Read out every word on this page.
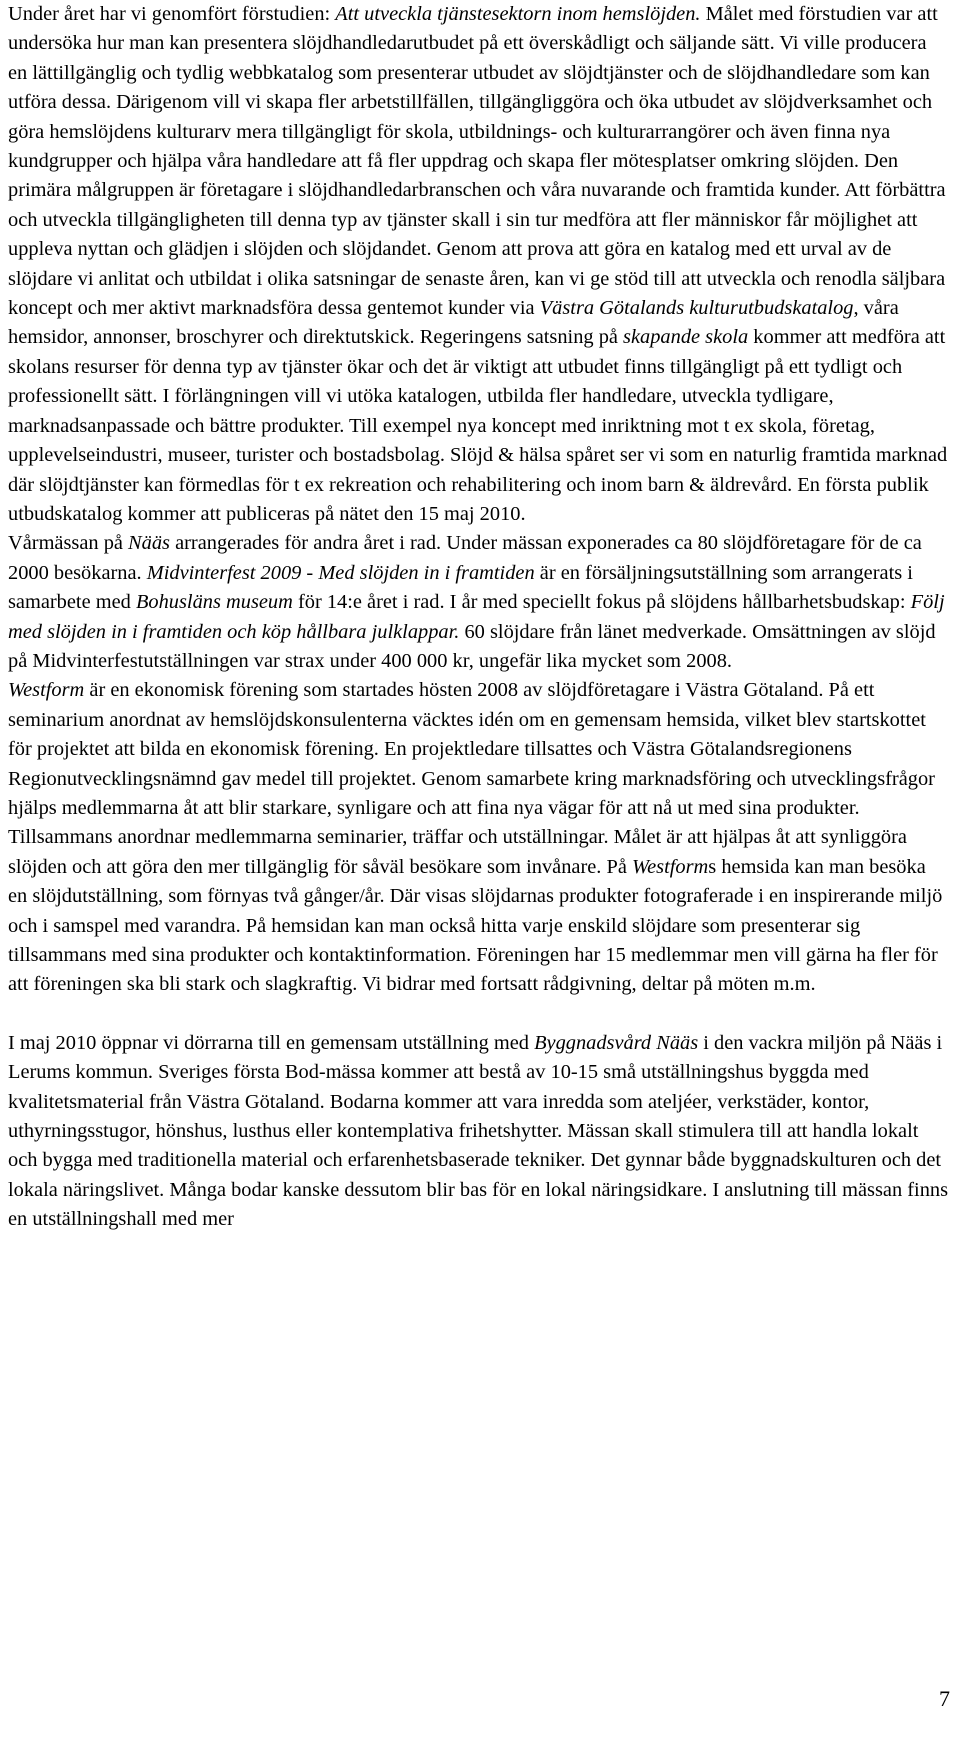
Under året har vi genomfört förstudien: Att utveckla tjänstesektorn inom hemslöjden. Målet med förstudien var att undersöka hur man kan presentera slöjdhandledarutbudet på ett överskådligt och säljande sätt. Vi ville producera en lättillgänglig och tydlig webbkatalog som presenterar utbudet av slöjdtjänster och de slöjdhandledare som kan utföra dessa. Därigenom vill vi skapa fler arbetstillfällen, tillgängliggöra och öka utbudet av slöjdverksamhet och göra hemslöjdens kulturarv mera tillgängligt för skola, utbildnings- och kulturarrangörer och även finna nya kundgrupper och hjälpa våra handledare att få fler uppdrag och skapa fler mötesplatser omkring slöjden. Den primära målgruppen är företagare i slöjdhandledarbranschen och våra nuvarande och framtida kunder. Att förbättra och utveckla tillgängligheten till denna typ av tjänster skall i sin tur medföra att fler människor får möjlighet att uppleva nyttan och glädjen i slöjden och slöjdandet. Genom att prova att göra en katalog med ett urval av de slöjdare vi anlitat och utbildat i olika satsningar de senaste åren, kan vi ge stöd till att utveckla och renodla säljbara koncept och mer aktivt marknadsföra dessa gentemot kunder via Västra Götalands kulturutbudskatalog, våra hemsidor, annonser, broschyrer och direktutskick. Regeringens satsning på skapande skola kommer att medföra att skolans resurser för denna typ av tjänster ökar och det är viktigt att utbudet finns tillgängligt på ett tydligt och professionellt sätt. I förlängningen vill vi utöka katalogen, utbilda fler handledare, utveckla tydligare, marknadsanpassade och bättre produkter. Till exempel nya koncept med inriktning mot t ex skola, företag, upplevelseindustri, museer, turister och bostadsbolag. Slöjd & hälsa spåret ser vi som en naturlig framtida marknad där slöjdtjänster kan förmedlas för t ex rekreation och rehabilitering och inom barn & äldrevård. En första publik utbudskatalog kommer att publiceras på nätet den 15 maj 2010.

Vårmässan på Nääs arrangerades för andra året i rad. Under mässan exponerades ca 80 slöjdföretagare för de ca 2000 besökarna. Midvinterfest 2009 - Med slöjden in i framtiden är en försäljningsutställning som arrangerats i samarbete med Bohusläns museum för 14:e året i rad. I år med speciellt fokus på slöjdens hållbarhetsbudskap: Följ med slöjden in i framtiden och köp hållbara julklappar. 60 slöjdare från länet medverkade. Omsättningen av slöjd på Midvinterfestutställningen var strax under 400 000 kr, ungefär lika mycket som 2008.

Westform är en ekonomisk förening som startades hösten 2008 av slöjdföretagare i Västra Götaland. På ett seminarium anordnat av hemslöjdskonsulenterna väcktes idén om en gemensam hemsida, vilket blev startskottet för projektet att bilda en ekonomisk förening. En projektledare tillsattes och Västra Götalandsregionens Regionutvecklingsnämnd gav medel till projektet. Genom samarbete kring marknadsföring och utvecklingsfrågor hjälps medlemmarna åt att blir starkare, synligare och att fina nya vägar för att nå ut med sina produkter. Tillsammans anordnar medlemmarna seminarier, träffar och utställningar. Målet är att hjälpas åt att synliggöra slöjden och att göra den mer tillgänglig för såväl besökare som invånare. På Westforms hemsida kan man besöka en slöjdutställning, som förnyas två gånger/år. Där visas slöjdarnas produkter fotograferade i en inspirerande miljö och i samspel med varandra. På hemsidan kan man också hitta varje enskild slöjdare som presenterar sig tillsammans med sina produkter och kontaktinformation. Föreningen har 15 medlemmar men vill gärna ha fler för att föreningen ska bli stark och slagkraftig. Vi bidrar med fortsatt rådgivning, deltar på möten m.m.

I maj 2010 öppnar vi dörrarna till en gemensam utställning med Byggnadsvård Nääs i den vackra miljön på Nääs i Lerums kommun. Sveriges första Bod-mässa kommer att bestå av 10-15 små utställningshus byggda med kvalitetsmaterial från Västra Götaland. Bodarna kommer att vara inredda som ateljéer, verkstäder, kontor, uthyrningsstugor, hönshus, lusthus eller kontemplativa frihetshytter. Mässan skall stimulera till att handla lokalt och bygga med traditionella material och erfarenhetsbaserade tekniker. Det gynnar både byggnadskulturen och det lokala näringslivet. Många bodar kanske dessutom blir bas för en lokal näringsidkare. I anslutning till mässan finns en utställningshall med mer

7
